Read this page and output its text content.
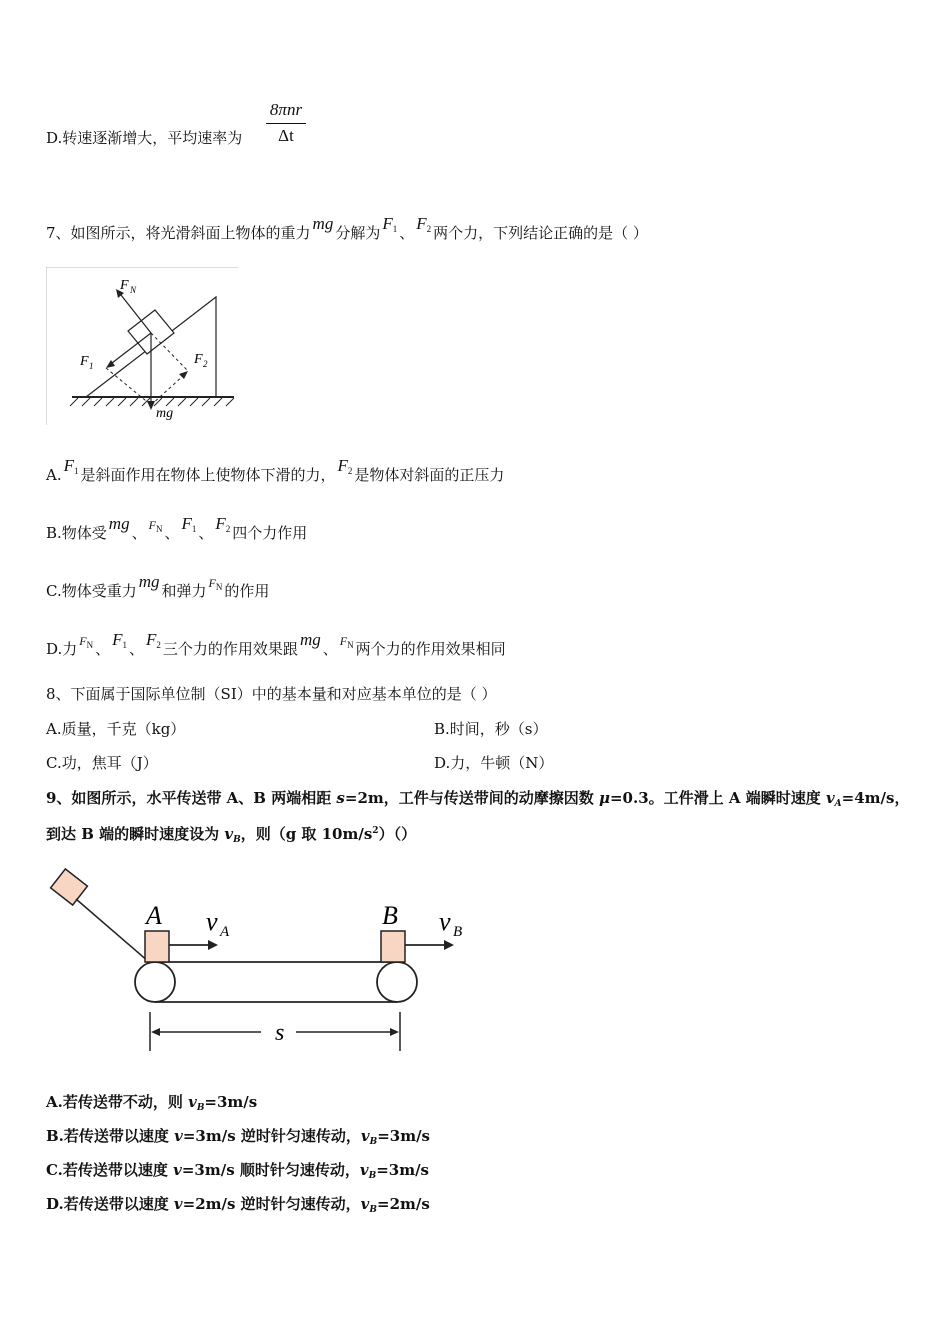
D.转速逐渐增大，平均速率为
8πnr
Δt
7、如图所示，将光滑斜面上物体的重力 mg 分解为 F1 、 F2 两个力，下列结论正确的是（ ）
F N
F 1	F 2
mg
A. F1 是斜面作用在物体上使物体下滑的力， F2 是物体对斜面的正压力
B.物体受 mg 、 $^{F_N}$ 、 F1 、 F2 四个力作用
C.物体受重力 mg 和弹力 $^{F_N}$ 的作用
D.力 $^{F_N}$ 、 F1 、 F2 三个力的作用效果跟 mg 、 $^{F_N}$ 两个力的作用效果相同
8、下面属于国际单位制（SI）中的基本量和对应基本单位的是（ ）
A.质量，千克（kg）	B.时间，秒（s）
C.功，焦耳（J）	D.力，牛顿（N）
9、如图所示，水平传送带 A、B 两端相距 s=2m，工件与传送带间的动摩擦因数 μ=0.3。工件滑上 A 端瞬时速度 $v_A=4m/s$，
到达 B 端的瞬时速度设为 $v_B$，则（g 取 $10m/s^2)()$
A	B
v A	v B
s
A.若传送带不动，则 $v_B=3m/s$
B.若传送带以速度 v=3m/s 逆时针匀速传动，$v_B=3m/s$
C.若传送带以速度 v=3m/s 顺时针匀速传动，$v_B=3m/s$
D.若传送带以速度 v=2m/s 逆时针匀速传动，$v_B=2m/s$
